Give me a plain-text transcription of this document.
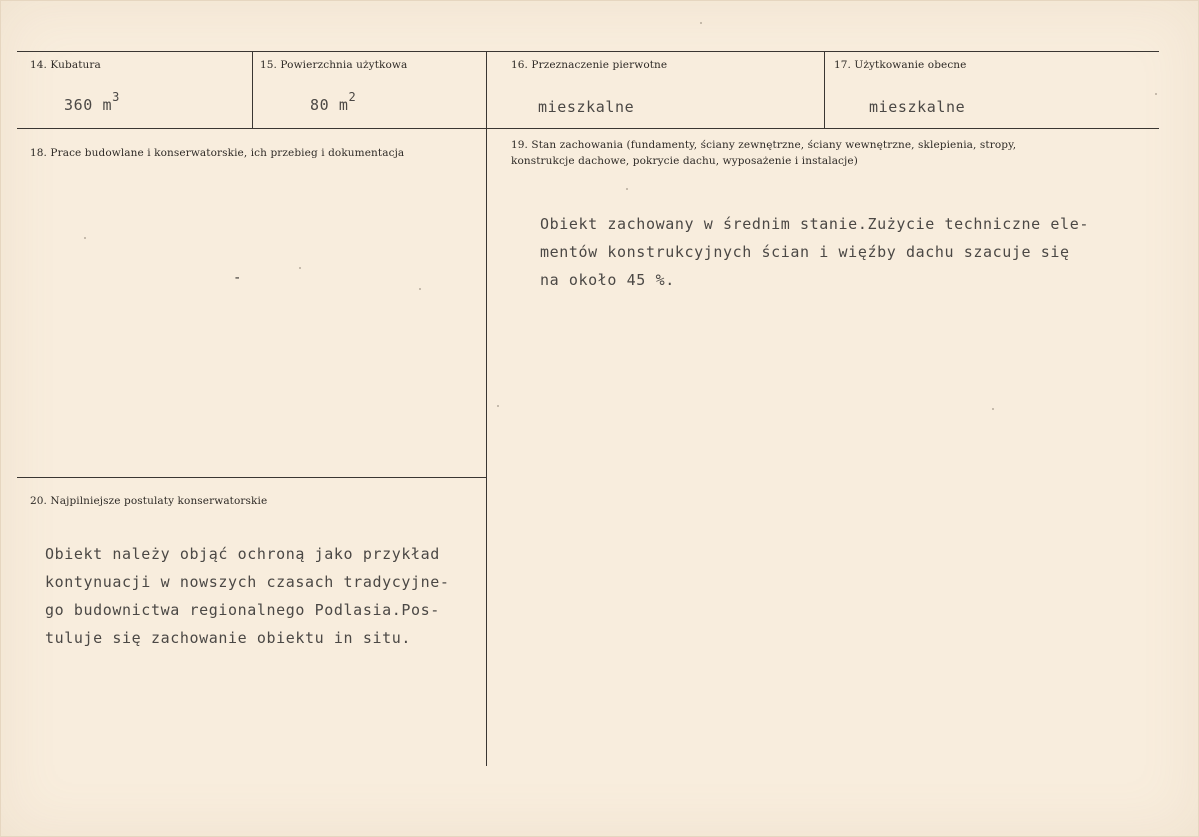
14. Kubatura
360 $m^3$
15. Powierzchnia użytkowa
80 $m^2$
16. Przeznaczenie pierwotne
mieszkalne
17. Użytkowanie obecne
mieszkalne
18. Prace budowlane i konserwatorskie, ich przebieg i dokumentacja
-
19. Stan zachowania (fundamenty, ściany zewnętrzne, ściany wewnętrzne, sklepienia, stropy,
konstrukcje dachowe, pokrycie dachu, wyposażenie i instalacje)
Obiekt zachowany w średnim stanie.Zużycie techniczne ele-
mentów konstrukcyjnych ścian i więźby dachu szacuje się
na około 45 %.
20. Najpilniejsze postulaty konserwatorskie
Obiekt należy objąć ochroną jako przykład
kontynuacji w nowszych czasach tradycyjne-
go budownictwa regionalnego Podlasia.Pos-
tuluje się zachowanie obiektu in situ.
